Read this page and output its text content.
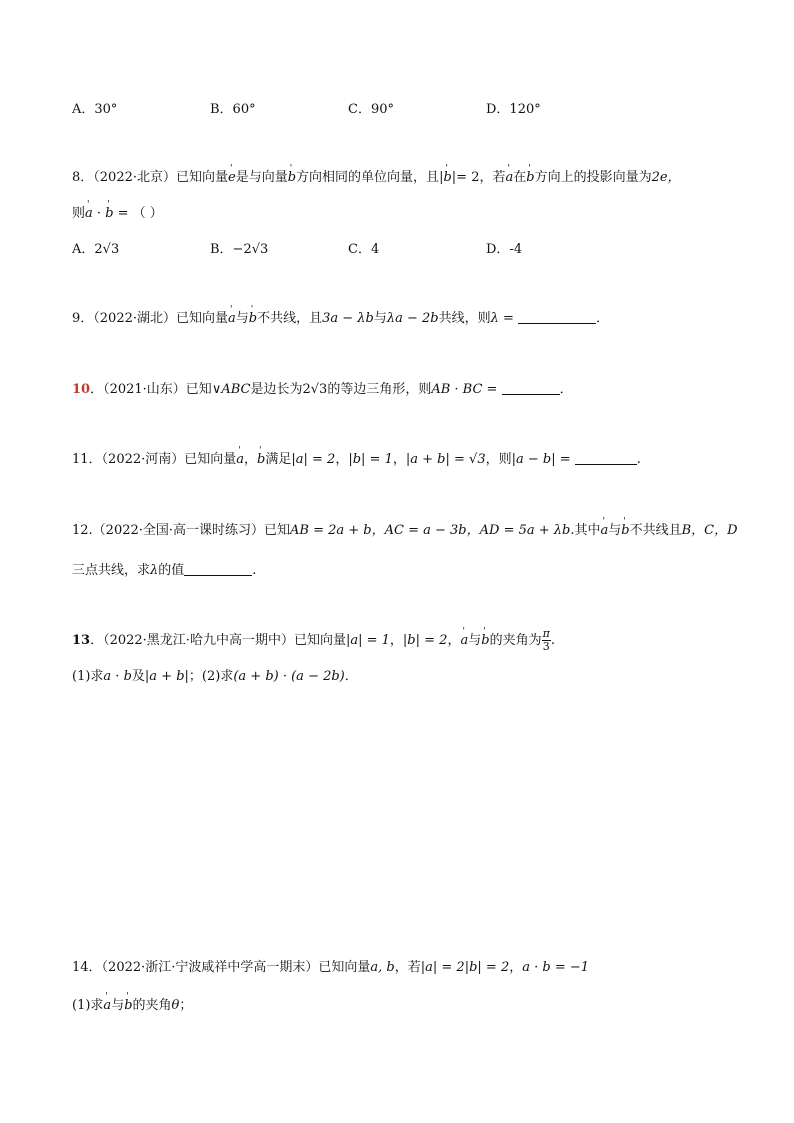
A．30°	B．60°	C．90°	D．120°
8．（2022·北京）已知向量' e是与向量' b方向相同的单位向量，且|' b|= 2，若' a在' b方向上的投影向量为2e，
则' a · ' b = （ ）
A．2√3	B．−2√3	C．4	D．-4
9．（2022·湖北）已知向量' a与' b不共线，且3a − λb与λa − 2b共线，则λ =	．
10．（2021·山东）已知∨ABC是边长为2√3的等边三角形，则AB · BC =	．
11．（2022·河南）已知向量' a，' b满足|a| = 2，|b| = 1，|a + b| = √3，则|a − b| =	.
12.（2022·全国·高一课时练习）已知AB = 2a + b，AC = a − 3b，AD = 5a + λb.其中' a与' b不共线且B，C，D
三点共线，求λ的值	.
13．（2022·黑龙江·哈九中高一期中）已知向量|a| = 1，|b| = 2，' a与' b的夹角为 $\frac{\pi}{3}$ .
(1)求a · b及|a + b|；(2)求(a + b) · (a − 2b)．
14．（2022·浙江·宁波咸祥中学高一期末）已知向量a, b，若|a| = 2|b| = 2，a · b = −1
(1)求' a与' b的夹角θ；
